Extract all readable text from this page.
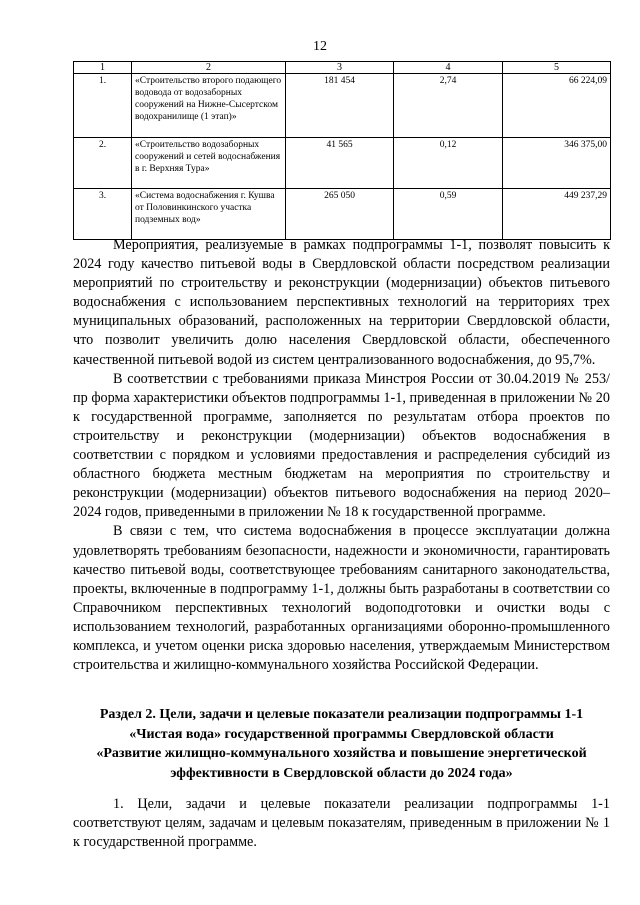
12
1	2	3	4	5
1.	«Строительство второго подающего водовода от водозаборных сооружений на Нижне-Сысертском водохранилище (1 этап)»	181 454	2,74	66 224,09
2.	«Строительство водозаборных сооружений и сетей водоснабжения в г. Верхняя Тура»	41 565	0,12	346 375,00
3.	«Система водоснабжения г. Кушва от Половинкинского участка подземных вод»	265 050	0,59	449 237,29

Мероприятия, реализуемые в рамках подпрограммы 1-1, позволят повысить к 2024 году качество питьевой воды в Свердловской области посредством реализации мероприятий по строительству и реконструкции (модернизации) объектов питьевого водоснабжения с использованием перспективных технологий на территориях трех муниципальных образований, расположенных на территории Свердловской области, что позволит увеличить долю населения Свердловской области, обеспеченного качественной питьевой водой из систем централизованного водоснабжения, до 95,7%.

В соответствии с требованиями приказа Минстроя России от 30.04.2019 № 253/пр форма характеристики объектов подпрограммы 1-1, приведенная в приложении № 20 к государственной программе, заполняется по результатам отбора проектов по строительству и реконструкции (модернизации) объектов водоснабжения в соответствии с порядком и условиями предоставления и распределения субсидий из областного бюджета местным бюджетам на мероприятия по строительству и реконструкции (модернизации) объектов питьевого водоснабжения на период 2020–2024 годов, приведенными в приложении № 18 к государственной программе.

В связи с тем, что система водоснабжения в процессе эксплуатации должна удовлетворять требованиям безопасности, надежности и экономичности, гарантировать качество питьевой воды, соответствующее требованиям санитарного законодательства, проекты, включенные в подпрограмму 1-1, должны быть разработаны в соответствии со Справочником перспективных технологий водоподготовки и очистки воды с использованием технологий, разработанных организациями оборонно-промышленного комплекса, и учетом оценки риска здоровью населения, утверждаемым Министерством строительства и жилищно-коммунального хозяйства Российской Федерации.

Раздел 2. Цели, задачи и целевые показатели реализации подпрограммы 1-1
«Чистая вода» государственной программы Свердловской области
«Развитие жилищно-коммунального хозяйства и повышение энергетической
эффективности в Свердловской области до 2024 года»

1. Цели, задачи и целевые показатели реализации подпрограммы 1-1 соответствуют целям, задачам и целевым показателям, приведенным в приложении № 1 к государственной программе.
